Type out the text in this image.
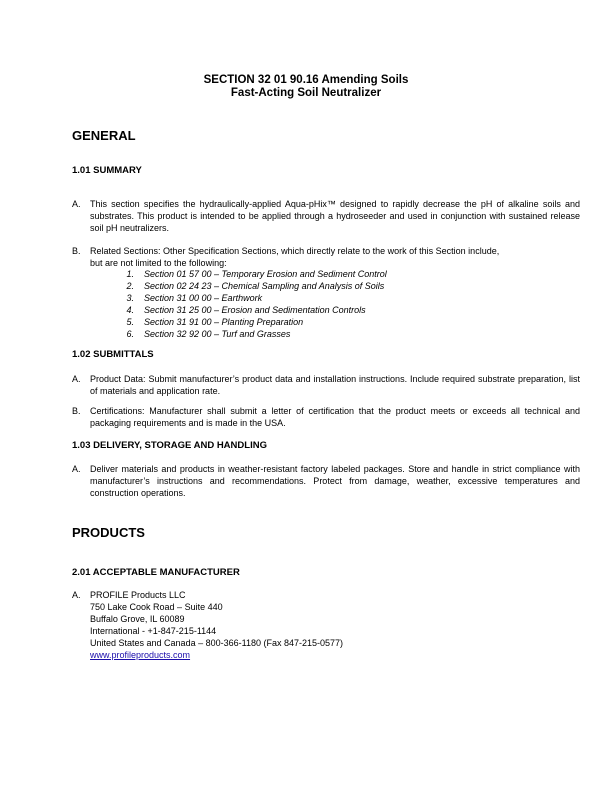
SECTION 32 01 90.16 Amending Soils
Fast-Acting Soil Neutralizer
GENERAL
1.01 SUMMARY
A. This section specifies the hydraulically-applied Aqua-pHix™ designed to rapidly decrease the pH of alkaline soils and substrates. This product is intended to be applied through a hydroseeder and used in conjunction with sustained release soil pH neutralizers.
B. Related Sections: Other Specification Sections, which directly relate to the work of this Section include,
but are not limited to the following:
1. Section 01 57 00 – Temporary Erosion and Sediment Control
2. Section 02 24 23 – Chemical Sampling and Analysis of Soils
3. Section 31 00 00 – Earthwork
4. Section 31 25 00 – Erosion and Sedimentation Controls
5. Section 31 91 00 – Planting Preparation
6. Section 32 92 00 – Turf and Grasses
1.02 SUBMITTALS
A. Product Data: Submit manufacturer’s product data and installation instructions. Include required substrate preparation, list of materials and application rate.
B. Certifications: Manufacturer shall submit a letter of certification that the product meets or exceeds all technical and packaging requirements and is made in the USA.
1.03 DELIVERY, STORAGE AND HANDLING
A. Deliver materials and products in weather-resistant factory labeled packages. Store and handle in strict compliance with manufacturer’s instructions and recommendations. Protect from damage, weather, excessive temperatures and construction operations.
PRODUCTS
2.01 ACCEPTABLE MANUFACTURER
A. PROFILE Products LLC
750 Lake Cook Road – Suite 440
Buffalo Grove, IL 60089
International - +1-847-215-1144
United States and Canada – 800-366-1180 (Fax 847-215-0577)
www.profileproducts.com
